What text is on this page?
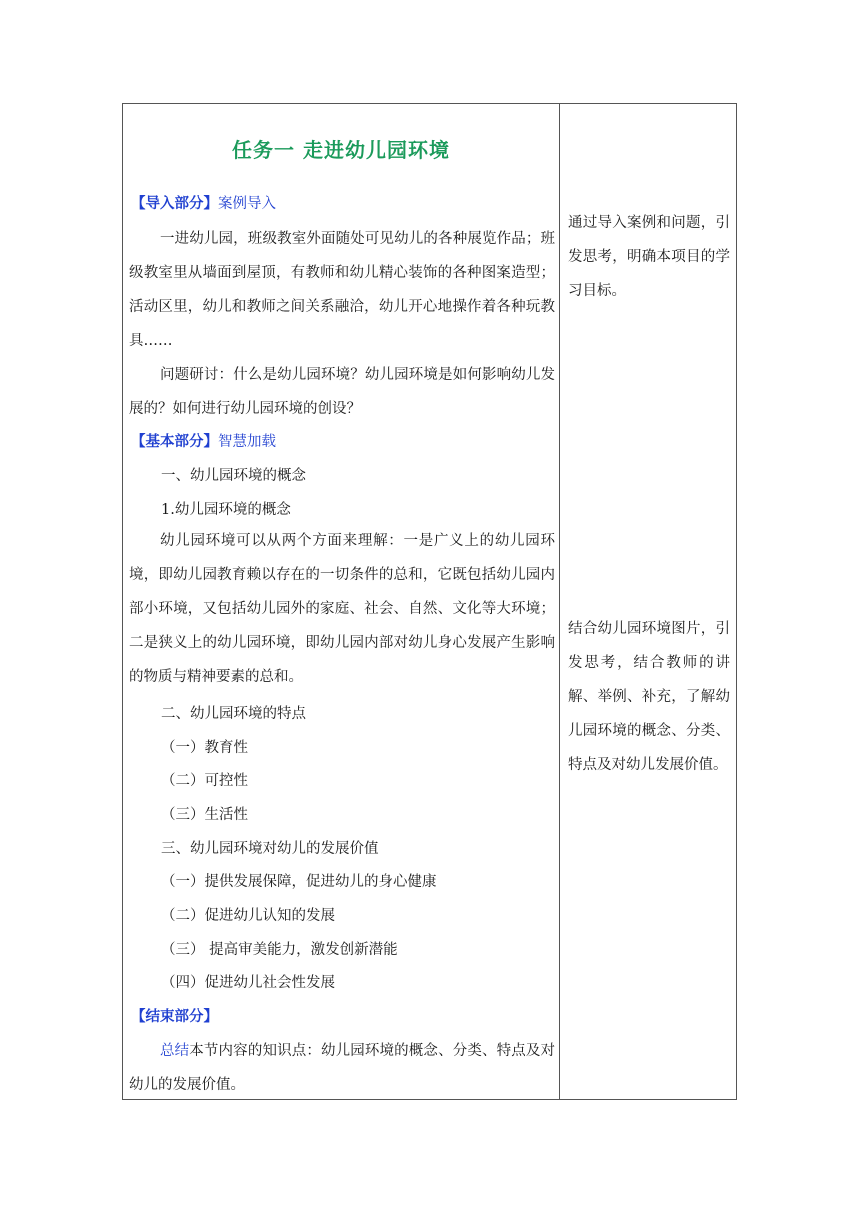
任务一 走进幼儿园环境
【导入部分】案例导入
一进幼儿园，班级教室外面随处可见幼儿的各种展览作品；班级教室里从墙面到屋顶，有教师和幼儿精心装饰的各种图案造型；活动区里，幼儿和教师之间关系融洽，幼儿开心地操作着各种玩教具……
问题研讨：什么是幼儿园环境？幼儿园环境是如何影响幼儿发展的？如何进行幼儿园环境的创设？
【基本部分】智慧加载
一、幼儿园环境的概念
1.幼儿园环境的概念
幼儿园环境可以从两个方面来理解：一是广义上的幼儿园环境，即幼儿园教育赖以存在的一切条件的总和，它既包括幼儿园内部小环境，又包括幼儿园外的家庭、社会、自然、文化等大环境；二是狭义上的幼儿园环境，即幼儿园内部对幼儿身心发展产生影响的物质与精神要素的总和。
二、幼儿园环境的特点
（一）教育性
（二）可控性
（三）生活性
三、幼儿园环境对幼儿的发展价值
（一）提供发展保障，促进幼儿的身心健康
（二）促进幼儿认知的发展
（三） 提高审美能力，激发创新潜能
（四）促进幼儿社会性发展
【结束部分】
总结本节内容的知识点：幼儿园环境的概念、分类、特点及对幼儿的发展价值。
通过导入案例和问题，引发思考，明确本项目的学习目标。
结合幼儿园环境图片，引发思考，结合教师的讲解、举例、补充，了解幼儿园环境的概念、分类、特点及对幼儿发展价值。
